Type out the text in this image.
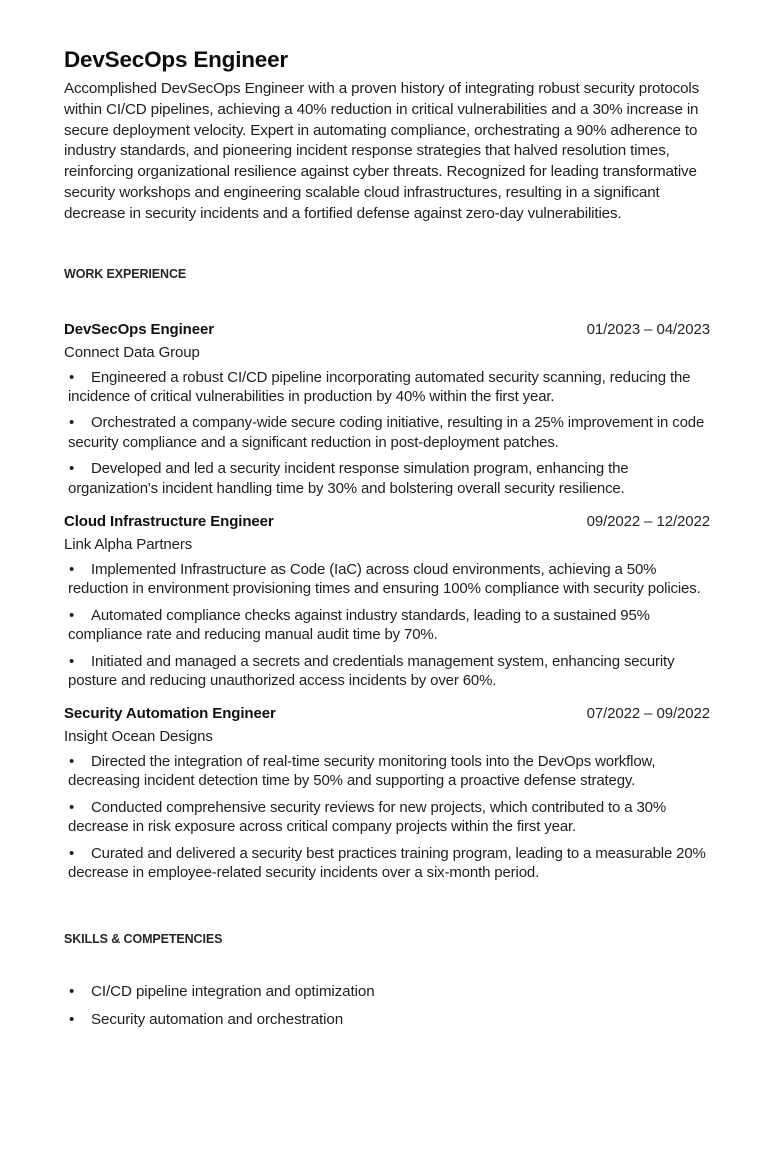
DevSecOps Engineer

Accomplished DevSecOps Engineer with a proven history of integrating robust security protocols within CI/CD pipelines, achieving a 40% reduction in critical vulnerabilities and a 30% increase in secure deployment velocity. Expert in automating compliance, orchestrating a 90% adherence to industry standards, and pioneering incident response strategies that halved resolution times, reinforcing organizational resilience against cyber threats. Recognized for leading transformative security workshops and engineering scalable cloud infrastructures, resulting in a significant decrease in security incidents and a fortified defense against zero-day vulnerabilities.

WORK EXPERIENCE
DevSecOps Engineer	01/2023 – 04/2023
Connect Data Group
• Engineered a robust CI/CD pipeline incorporating automated security scanning, reducing the incidence of critical vulnerabilities in production by 40% within the first year.
• Orchestrated a company-wide secure coding initiative, resulting in a 25% improvement in code security compliance and a significant reduction in post-deployment patches.
• Developed and led a security incident response simulation program, enhancing the organization's incident handling time by 30% and bolstering overall security resilience.
Cloud Infrastructure Engineer	09/2022 – 12/2022
Link Alpha Partners
• Implemented Infrastructure as Code (IaC) across cloud environments, achieving a 50% reduction in environment provisioning times and ensuring 100% compliance with security policies.
• Automated compliance checks against industry standards, leading to a sustained 95% compliance rate and reducing manual audit time by 70%.
• Initiated and managed a secrets and credentials management system, enhancing security posture and reducing unauthorized access incidents by over 60%.
Security Automation Engineer	07/2022 – 09/2022
Insight Ocean Designs
• Directed the integration of real-time security monitoring tools into the DevOps workflow, decreasing incident detection time by 50% and supporting a proactive defense strategy.
• Conducted comprehensive security reviews for new projects, which contributed to a 30% decrease in risk exposure across critical company projects within the first year.
• Curated and delivered a security best practices training program, leading to a measurable 20% decrease in employee-related security incidents over a six-month period.
SKILLS & COMPETENCIES
• CI/CD pipeline integration and optimization
• Security automation and orchestration
